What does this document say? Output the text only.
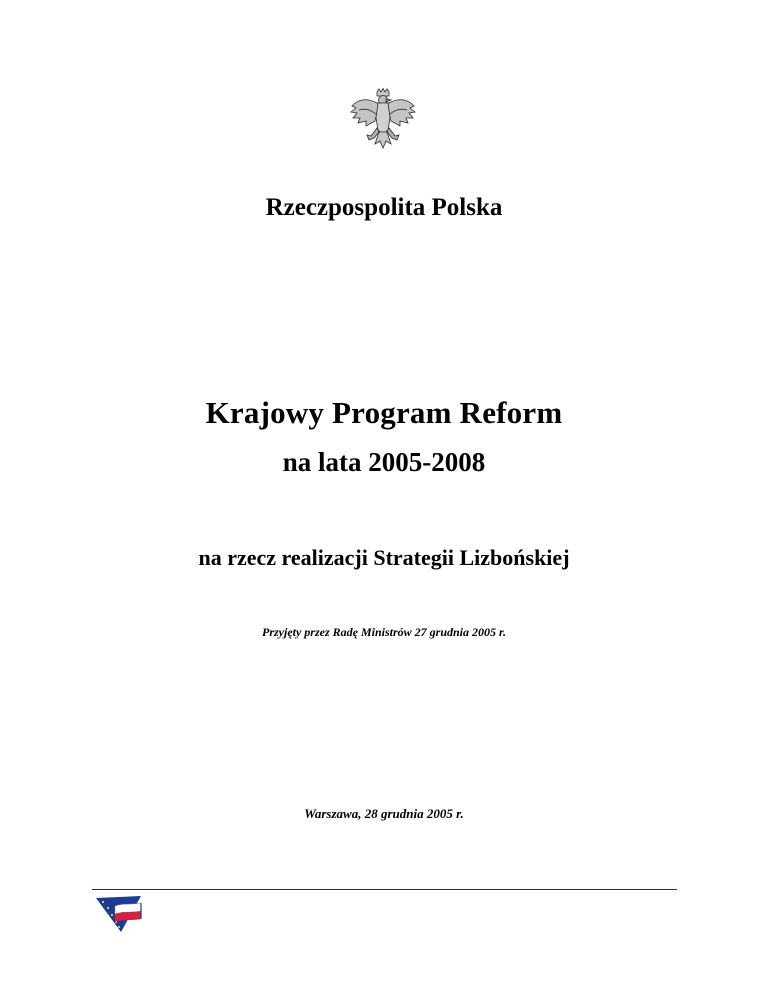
Rzeczpospolita Polska
Krajowy Program Reform
na lata 2005-2008
na rzecz realizacji Strategii Lizbońskiej
Przyjęty przez Radę Ministrów 27 grudnia 2005 r.
Warszawa, 28 grudnia 2005 r.
